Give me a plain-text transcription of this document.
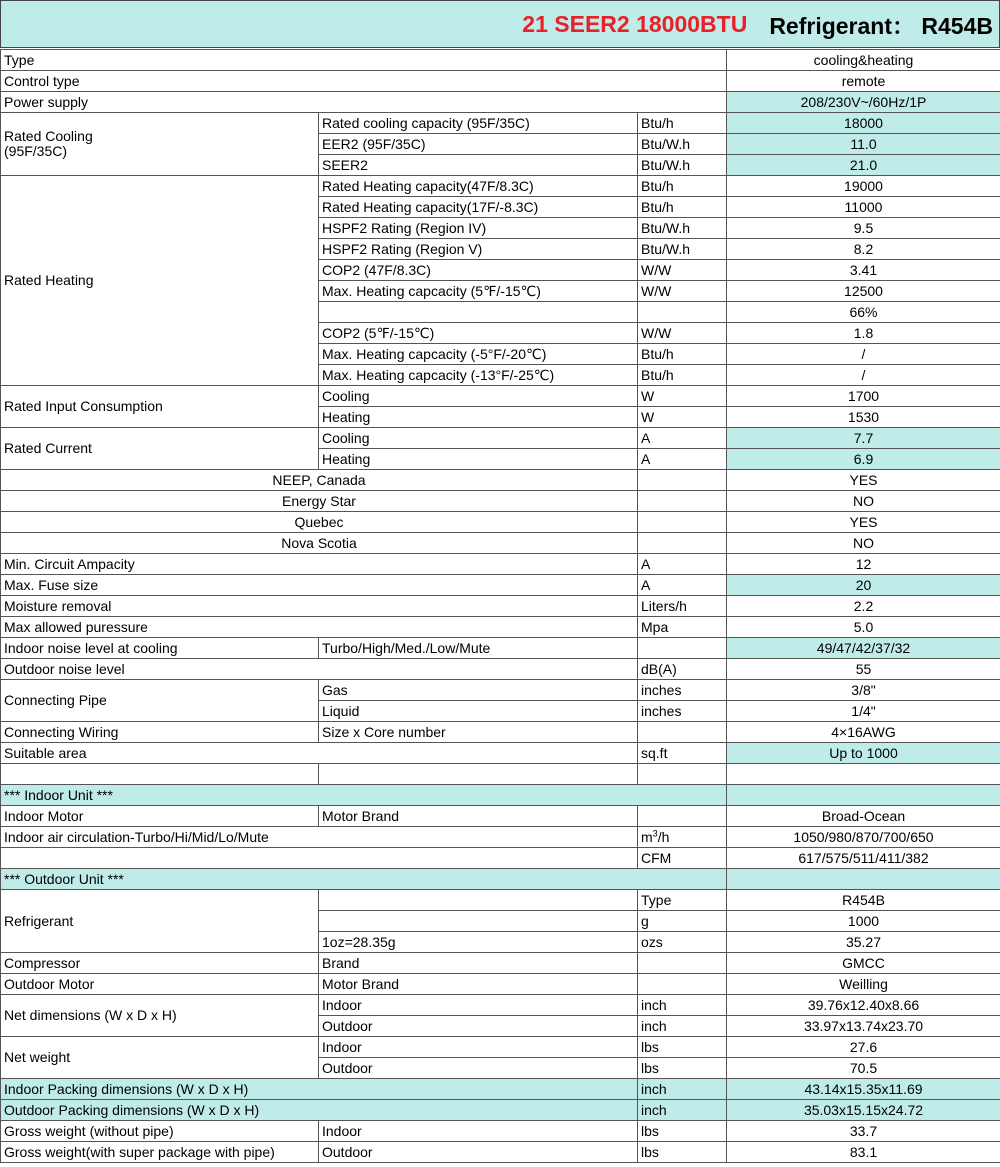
21 SEER2 18000BTU Refrigerant： R454B
Type			cooling&heating
Control type			remote
Power supply			208/230V~/60Hz/1P

Rated Cooling (95F/35C)	Rated cooling capacity (95F/35C)	Btu/h	18000
	EER2 (95F/35C)	Btu/W.h	11.0
	SEER2	Btu/W.h	21.0
Rated Heating	Rated Heating capacity(47F/8.3C)	Btu/h	19000
	Rated Heating capacity(17F/-8.3C)	Btu/h	11000
	HSPF2 Rating (Region IV)	Btu/W.h	9.5
	HSPF2 Rating (Region V)	Btu/W.h	8.2
	COP2 (47F/8.3C)	W/W	3.41
	Max. Heating capcacity (5℉/-15℃)	W/W	12500
			66%
	COP2 (5℉/-15℃)	W/W	1.8
	Max. Heating capcacity (-5°F/-20℃)	Btu/h	/
	Max. Heating capcacity (-13°F/-25℃)	Btu/h	/
Rated Input Consumption	Cooling	W	1700
	Heating	W	1530
Rated Current	Cooling	A	7.7
	Heating	A	6.9
NEEP, Canada			YES
Energy Star			NO
Quebec			YES
Nova Scotia			NO
Min. Circuit Ampacity		A	12
Max. Fuse size		A	20
Moisture removal		Liters/h	2.2
Max allowed puressure		Mpa	5.0
Indoor noise level at cooling	Turbo/High/Med./Low/Mute		49/47/42/37/32
Outdoor noise level		dB(A)	55
Connecting Pipe	Gas	inches	3/8"
	Liquid	inches	1/4"
Connecting Wiring	Size x Core number		4×16AWG
Suitable area		sq.ft	Up to 1000

*** Indoor Unit ***			
Indoor Motor	Motor Brand		Broad-Ocean
Indoor air circulation-Turbo/Hi/Mid/Lo/Mute		$m^3/h$	1050/980/870/700/650
		CFM	617/575/511/411/382
*** Outdoor Unit ***			
Refrigerant		Type	R454B
		g	1000
	1oz=28.35g	ozs	35.27
Compressor	Brand		GMCC
Outdoor Motor	Motor Brand		Weilling
Net dimensions (W x D x H)	Indoor	inch	39.76x12.40x8.66
	Outdoor	inch	33.97x13.74x23.70
Net weight	Indoor	lbs	27.6
	Outdoor	lbs	70.5
Indoor Packing dimensions (W x D x H)		inch	43.14x15.35x11.69
Outdoor Packing dimensions (W x D x H)		inch	35.03x15.15x24.72
Gross weight (without pipe)	Indoor	lbs	33.7
Gross weight(with super package with pipe)	Outdoor	lbs	83.1
